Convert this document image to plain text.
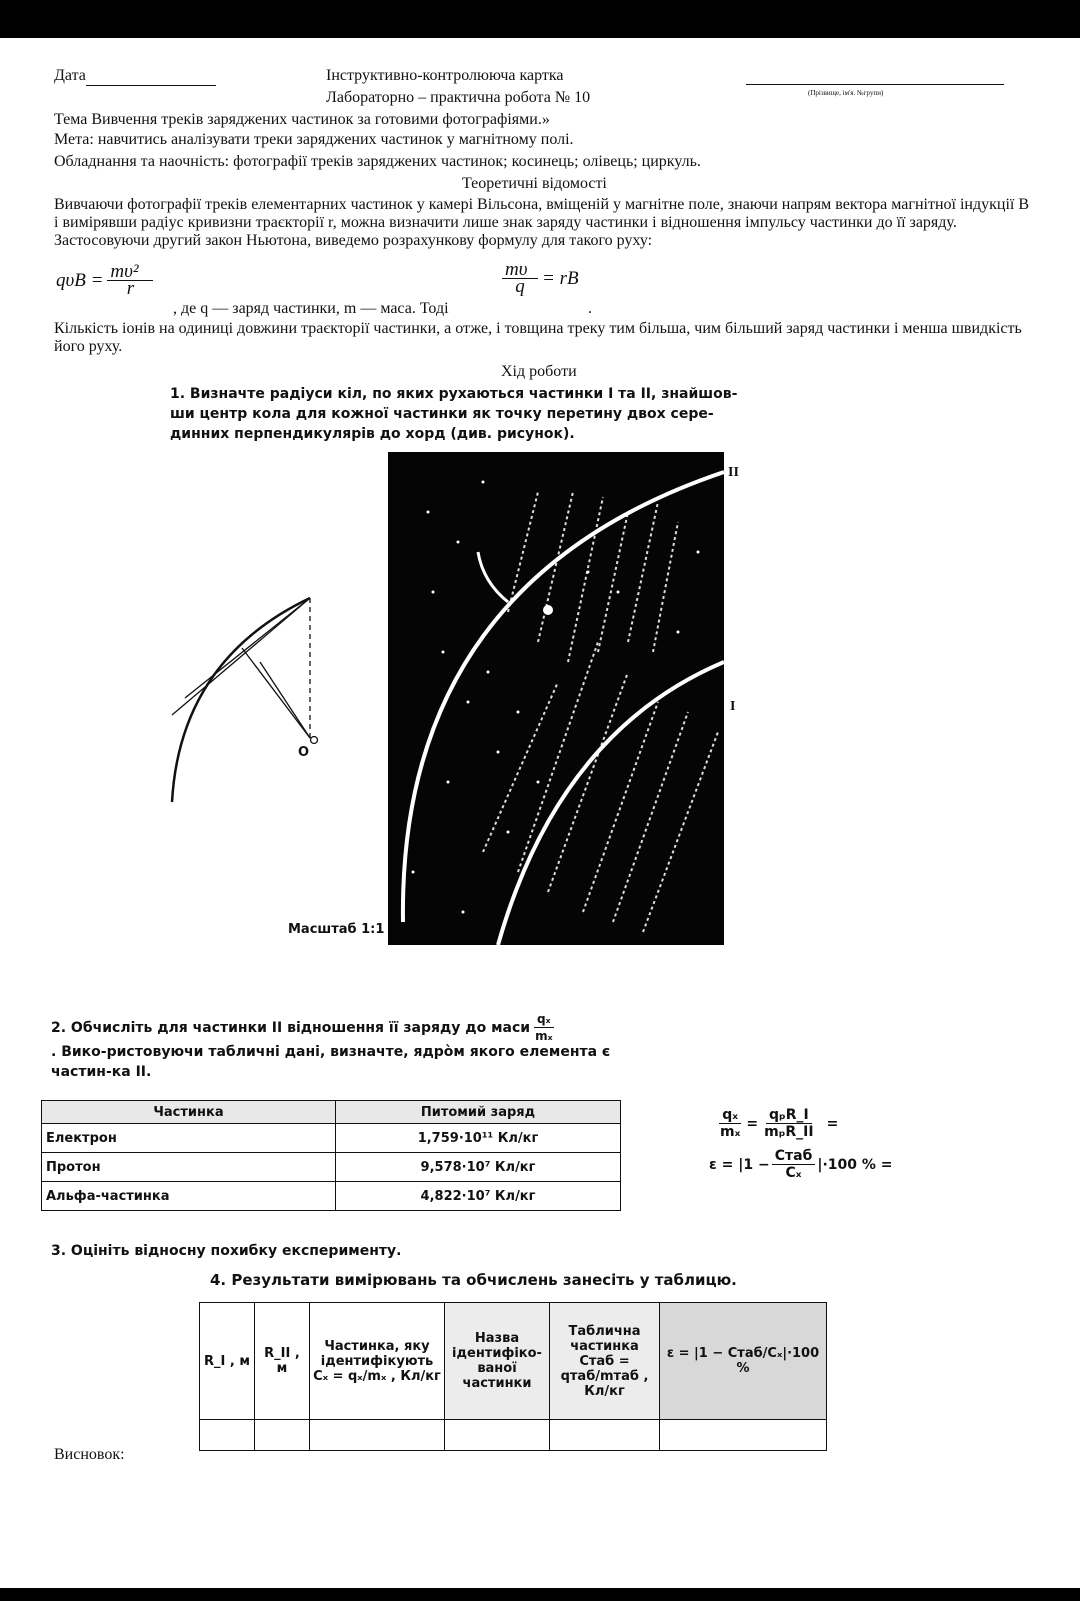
Дата	Інструктивно-контролююча картка
Лабораторно – практична робота № 10	(Прізвище, ім'я. №групи)
Тема Вивчення треків заряджених частинок за готовими фотографіями.»
Мета: навчитись аналізувати треки заряджених частинок у магнітному полі.
Обладнання та наочність: фотографії треків заряджених частинок; косинець; олівець; циркуль.
Теоретичні відомості
Вивчаючи фотографії треків елементарних частинок у камері Вільсона, вміщеній у магнітне поле, знаючи напрям вектора магнітної індукції B і вимірявши радіус кривизни траєкторії r, можна визначити лише знак заряду частинки і відношення імпульсу частинки до її заряду. Застосовуючи другий закон Ньютона, виведемо розрахункову формулу для такого руху:
$q\upsilon B = \frac{\text{mυ²}}{r}$
, де q — заряд частинки, m — маса. Тоді
$\frac{m\upsilon}{q}$ = rB
.
Кількість іонів на одиниці довжини траєкторії частинки, а отже, і товщина треку тим більша, чим більший заряд частинки і менша швидкість його руху.
Хід роботи
1. Визначте радіуси кіл, по яких рухаються частинки I та II, знайшов-ши центр кола для кожної частинки як точку перетину двох сере-динних перпендикулярів до хорд (див. рисунок).
O
II
I
Масштаб 1:1
2. Обчисліть для частинки II відношення її заряду до маси $\frac{\text{qₓ}}{\text{mₓ}}$
. Вико-ристовуючи табличні дані, визначте, ядрòм якого елемента є частин-ка II.
Частинка	Питомий заряд
Електрон	1,759·10¹¹ Кл/кг
Протон	9,578·10⁷ Кл/кг
Альфа-частинка	4,822·10⁷ Кл/кг
$\frac{\text{qₓ}}{\text{mₓ}} = \frac{\text{qₚR\_I}}{\text{mₚR\_II}}$ =
$\varepsilon = |1 - \frac{\text{Cтаб}}{\text{Cₓ}} |\cdot 100$ % =
3. Оцініть відносну похибку експерименту.
4. Результати вимірювань та обчислень занесіть у таблицю.
R_I , м	R_II , м	Частинка, яку ідентифікують Cₓ = qₓ/mₓ , Кл/кг	Назва ідентифіко-ваної частинки	Таблична частинка Cтаб = qтаб/mтаб , Кл/кг	ε = |1 − Cтаб/Cₓ|·100 %

Висновок:
